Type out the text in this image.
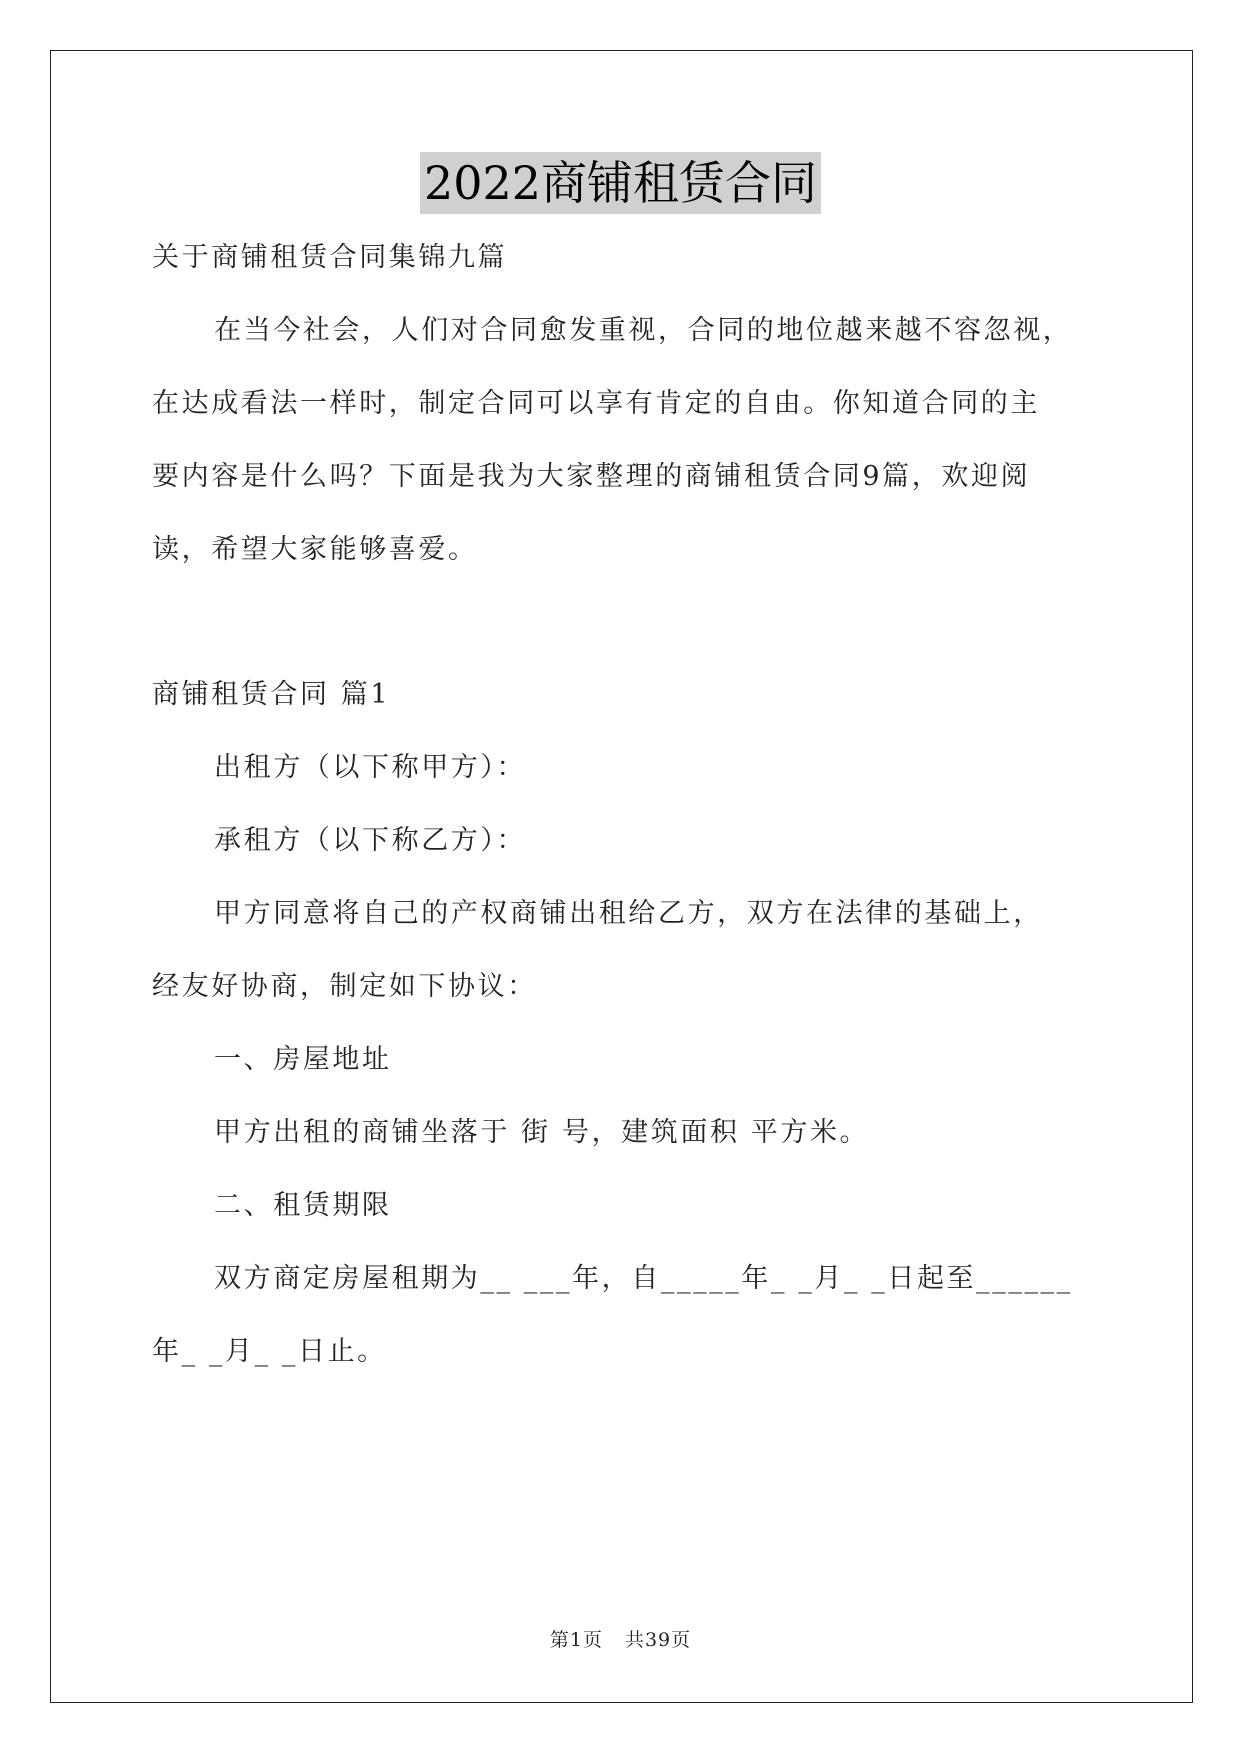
2022商铺租赁合同
关于商铺租赁合同集锦九篇
在当今社会，人们对合同愈发重视，合同的地位越来越不容忽视，
在达成看法一样时，制定合同可以享有肯定的自由。你知道合同的主
要内容是什么吗？下面是我为大家整理的商铺租赁合同9篇，欢迎阅
读，希望大家能够喜爱。
商铺租赁合同 篇1
出租方（以下称甲方）：
承租方（以下称乙方）：
甲方同意将自己的产权商铺出租给乙方，双方在法律的基础上，
经友好协商，制定如下协议：
一、房屋地址
甲方出租的商铺坐落于 街 号，建筑面积 平方米。
二、租赁期限
双方商定房屋租期为__ ___年，自_____年_ _月_ _日起至______
年_ _月_ _日止。
第1页 共39页
